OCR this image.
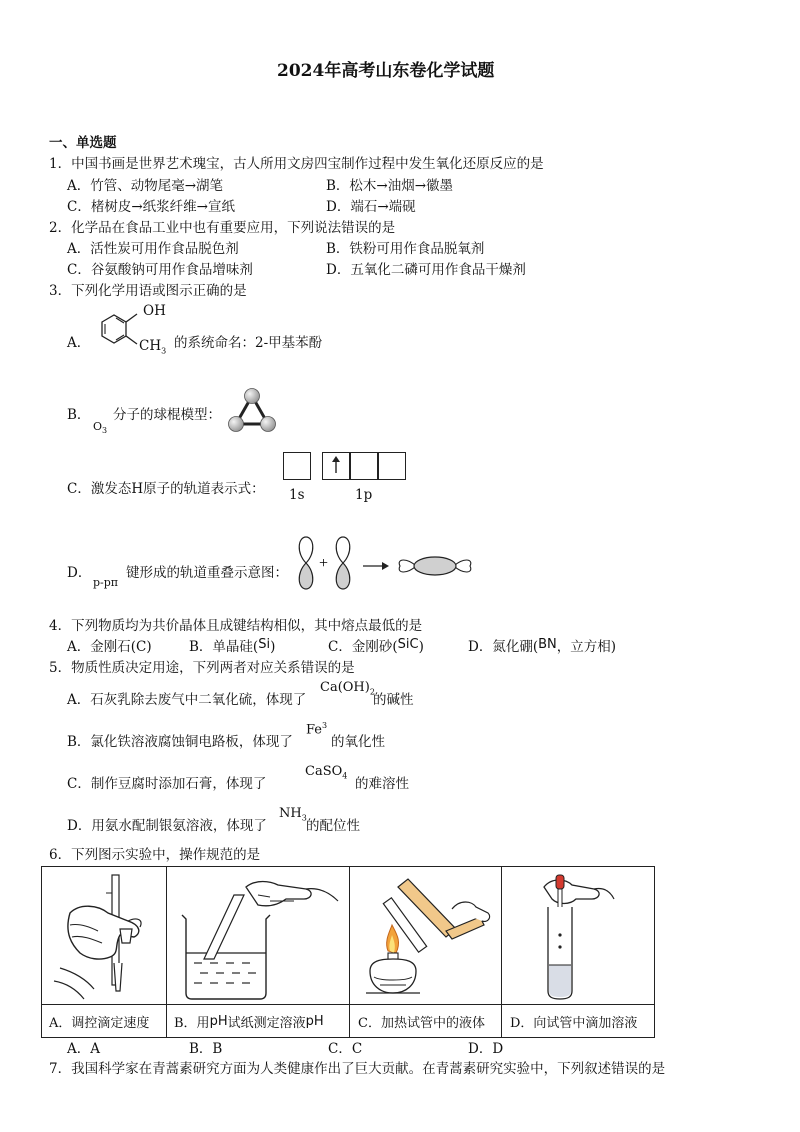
2024年高考山东卷化学试题
一、单选题
1．中国书画是世界艺术瑰宝，古人所用文房四宝制作过程中发生氧化还原反应的是
A．竹管、动物尾毫→湖笔	B．松木→油烟→徽墨
C．楮树皮→纸浆纤维→宣纸	D．端石→端砚
2．化学品在食品工业中也有重要应用，下列说法错误的是
A．活性炭可用作食品脱色剂	B．铁粉可用作食品脱氧剂
C．谷氨酸钠可用作食品增味剂	D．五氧化二磷可用作食品干燥剂
3．下列化学用语或图示正确的是
A．
OH
$CH_3$
的系统命名：2-甲基苯酚
B．
$O_3$
分子的球棍模型：
C．激发态H原子的轨道表示式： 1s	1p
D．
p-pπ
键形成的轨道重叠示意图：
+
4．下列物质均为共价晶体且成键结构相似，其中熔点最低的是
A．金刚石(C)	B．单晶硅(Si)	C．金刚砂(SiC)	D．氮化硼(BN，立方相)
5．物质性质决定用途，下列两者对应关系错误的是
A．石灰乳除去废气中二氧化硫，体现了
$Ca(OH)_2$
的碱性
B．氯化铁溶液腐蚀铜电路板，体现了
Fe$^3$
的氧化性
C．制作豆腐时添加石膏，体现了
CaSO$_4$ 的难溶性
D．用氨水配制银氨溶液，体现了
$NH_3$ 的配位性
6．下列图示实验中，操作规范的是
A．调控滴定速度 B．用pH试纸测定溶液pH	C．加热试管中的液体 D．向试管中滴加溶液
A．A	B．B	C．C	D．D
7．我国科学家在青蒿素研究方面为人类健康作出了巨大贡献。在青蒿素研究实验中，下列叙述错误的是
